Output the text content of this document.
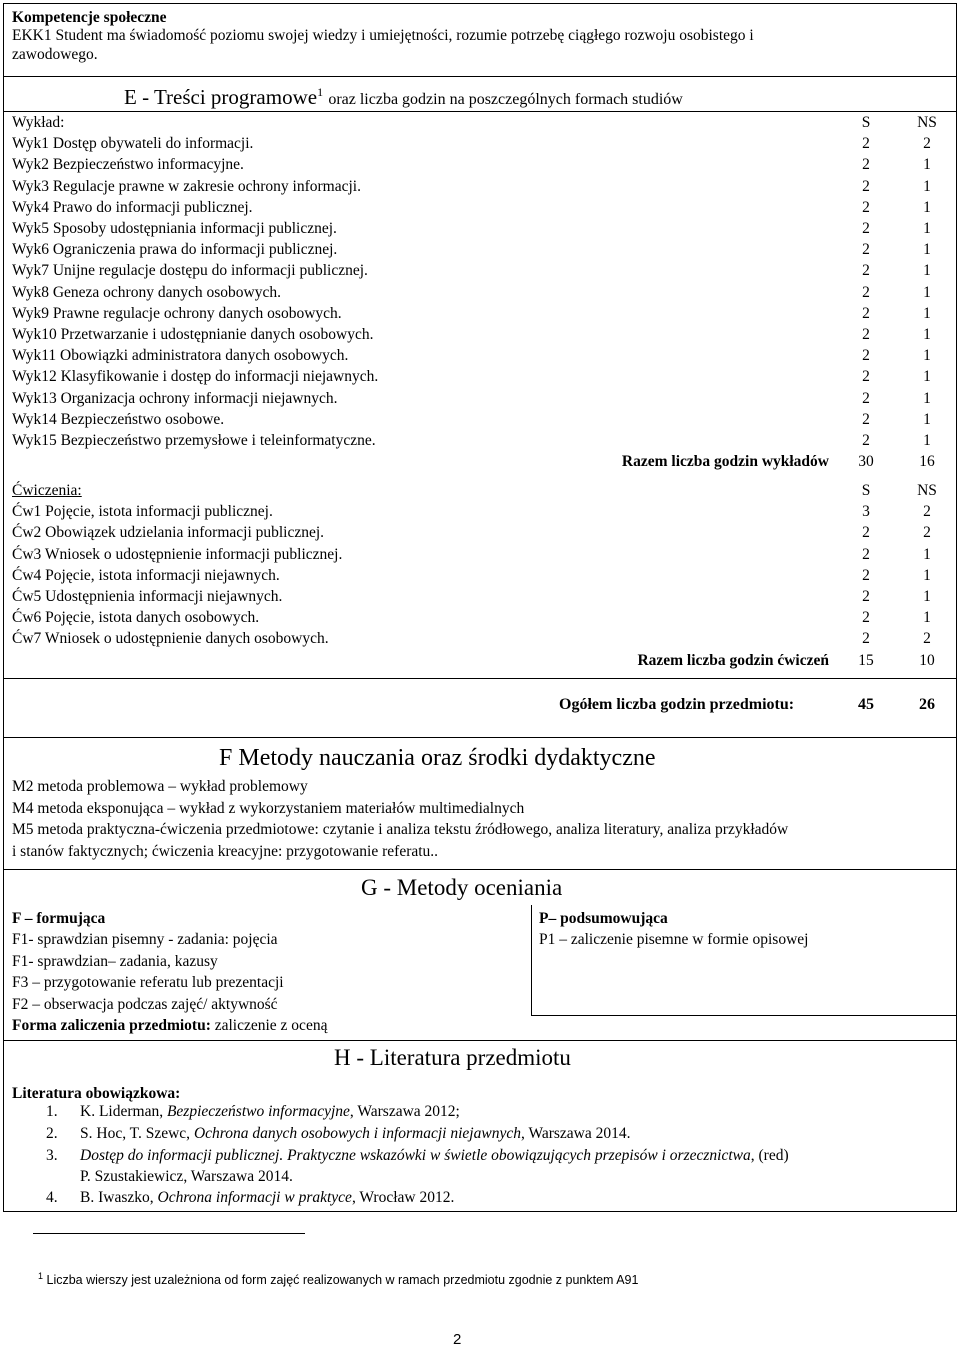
Kompetencje społeczne
EKK1 Student ma świadomość poziomu swojej wiedzy i umiejętności, rozumie potrzebę ciągłego rozwoju osobistego i
zawodowego.
E - Treści programowe$^1$ oraz liczba godzin na poszczególnych formach studiów
Wykład:	S	NS
Wyk1 Dostęp obywateli do informacji.	2	2
Wyk2 Bezpieczeństwo informacyjne.	2	1
Wyk3 Regulacje prawne w zakresie ochrony informacji.	2	1
Wyk4 Prawo do informacji publicznej.	2	1
Wyk5 Sposoby udostępniania informacji publicznej.	2	1
Wyk6 Ograniczenia prawa do informacji publicznej.	2	1
Wyk7 Unijne regulacje dostępu do informacji publicznej.	2	1
Wyk8 Geneza ochrony danych osobowych.	2	1
Wyk9 Prawne regulacje ochrony danych osobowych.	2	1
Wyk10 Przetwarzanie i udostępnianie danych osobowych.	2	1
Wyk11 Obowiązki administratora danych osobowych.	2	1
Wyk12 Klasyfikowanie i dostęp do informacji niejawnych.	2	1
Wyk13 Organizacja ochrony informacji niejawnych.	2	1
Wyk14 Bezpieczeństwo osobowe.	2	1
Wyk15 Bezpieczeństwo przemysłowe i teleinformatyczne.	2	1
Razem liczba godzin wykładów	30	16
Ćwiczenia:	S	NS
Ćw1 Pojęcie, istota informacji publicznej.	3	2
Ćw2 Obowiązek udzielania informacji publicznej.	2	2
Ćw3 Wniosek o udostępnienie informacji publicznej.	2	1
Ćw4 Pojęcie, istota informacji niejawnych.	2	1
Ćw5 Udostępnienia informacji niejawnych.	2	1
Ćw6 Pojęcie, istota danych osobowych.	2	1
Ćw7 Wniosek o udostępnienie danych osobowych.	2	2
Razem liczba godzin ćwiczeń	15	10
Ogółem liczba godzin przedmiotu:	45	26
F Metody nauczania oraz środki dydaktyczne
M2 metoda problemowa – wykład problemowy
M4 metoda eksponująca – wykład z wykorzystaniem materiałów multimedialnych
M5 metoda praktyczna-ćwiczenia przedmiotowe: czytanie i analiza tekstu źródłowego, analiza literatury, analiza przykładów
i stanów faktycznych; ćwiczenia kreacyjne: przygotowanie referatu..
G - Metody oceniania
F – formująca
F1- sprawdzian pisemny - zadania: pojęcia
F1- sprawdzian– zadania, kazusy
F3 – przygotowanie referatu lub prezentacji
F2 – obserwacja podczas zajęć/ aktywność
P– podsumowująca
P1 – zaliczenie pisemne w formie opisowej
Forma zaliczenia przedmiotu: zaliczenie z oceną
H - Literatura przedmiotu
Literatura obowiązkowa:
1. K. Liderman, Bezpieczeństwo informacyjne, Warszawa 2012;
2. S. Hoc, T. Szewc, Ochrona danych osobowych i informacji niejawnych, Warszawa 2014.
3. Dostęp do informacji publicznej. Praktyczne wskazówki w świetle obowiązujących przepisów i orzecznictwa, (red)
4. B. Iwaszko, Ochrona informacji w praktyce, Wrocław 2012.
P. Szustakiewicz, Warszawa 2014.
$^1$ Liczba wierszy jest uzależniona od form zajęć realizowanych w ramach przedmiotu zgodnie z punktem A91
2
